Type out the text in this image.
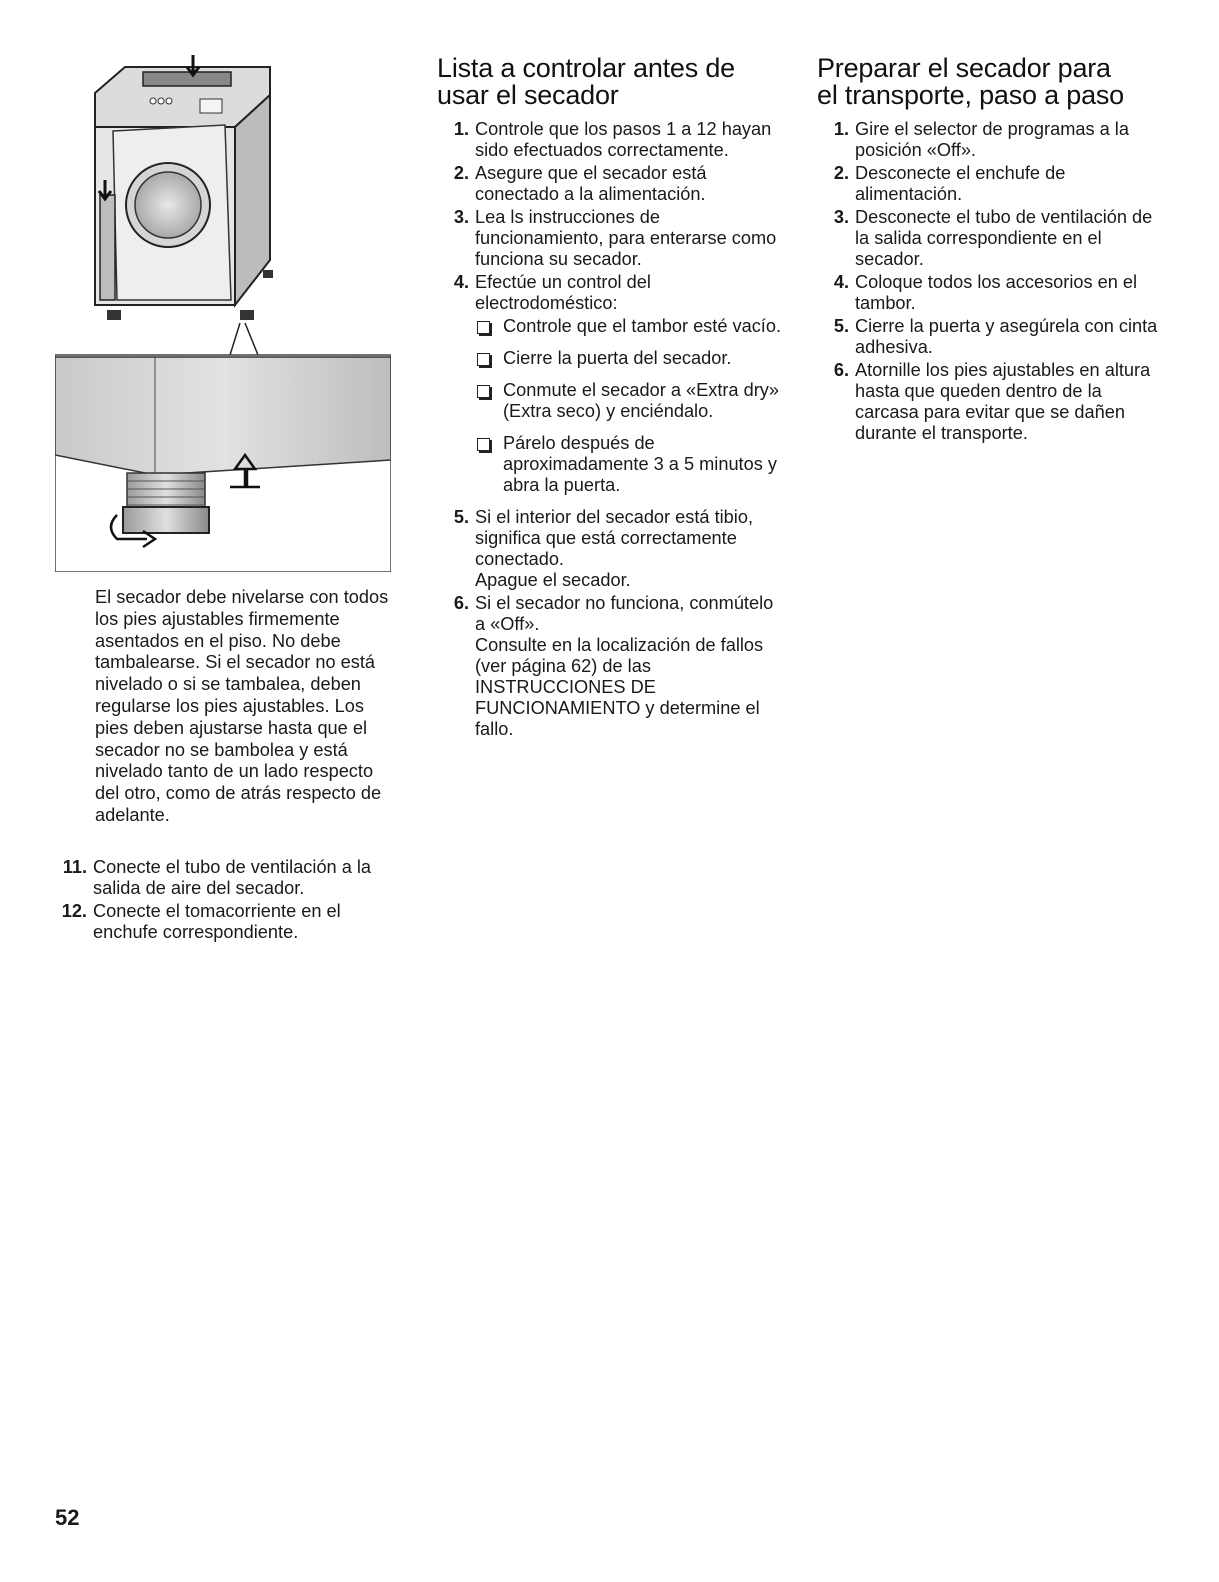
El secador debe nivelarse con todos los pies ajustables firmemente asentados en el piso. No debe tambalearse. Si el secador no está nivelado o si se tambalea, deben regularse los pies ajustables. Los pies deben ajustarse hasta que el secador no se bambolea y está nivelado tanto de un lado respecto del otro, como de atrás respecto de adelante.

11. Conecte el tubo de ventilación a la salida de aire del secador.
12. Conecte el tomacorriente en el enchufe correspondiente.
Lista a controlar antes de
usar el secador
1. Controle que los pasos 1 a 12 hayan sido efectuados correctamente.
2. Asegure que el secador está conectado a la alimentación.
3. Lea ls instrucciones de funcionamiento, para enterarse como funciona su secador.
4. Efectúe un control del electrodoméstico:
Controle que el tambor esté vacío.
Cierre la puerta del secador.
Conmute el secador a «Extra dry» (Extra seco) y enciéndalo.
Párelo después de aproximadamente 3 a 5 minutos y abra la puerta.
5. Si el interior del secador está tibio, significa que está correctamente conectado.
Apague el secador.
6. Si el secador no funciona, conmútelo a «Off».
Consulte en la localización de fallos (ver página 62) de las INSTRUCCIONES DE FUNCIONAMIENTO y determine el fallo.
Preparar el secador para
el transporte, paso a paso
1. Gire el selector de programas a la posición «Off».
2. Desconecte el enchufe de alimentación.
3. Desconecte el tubo de ventilación de la salida correspondiente en el secador.
4. Coloque todos los accesorios en el tambor.
5. Cierre la puerta y asegúrela con cinta adhesiva.
6. Atornille los pies ajustables en altura hasta que queden dentro de la carcasa para evitar que se dañen durante el transporte.
52
